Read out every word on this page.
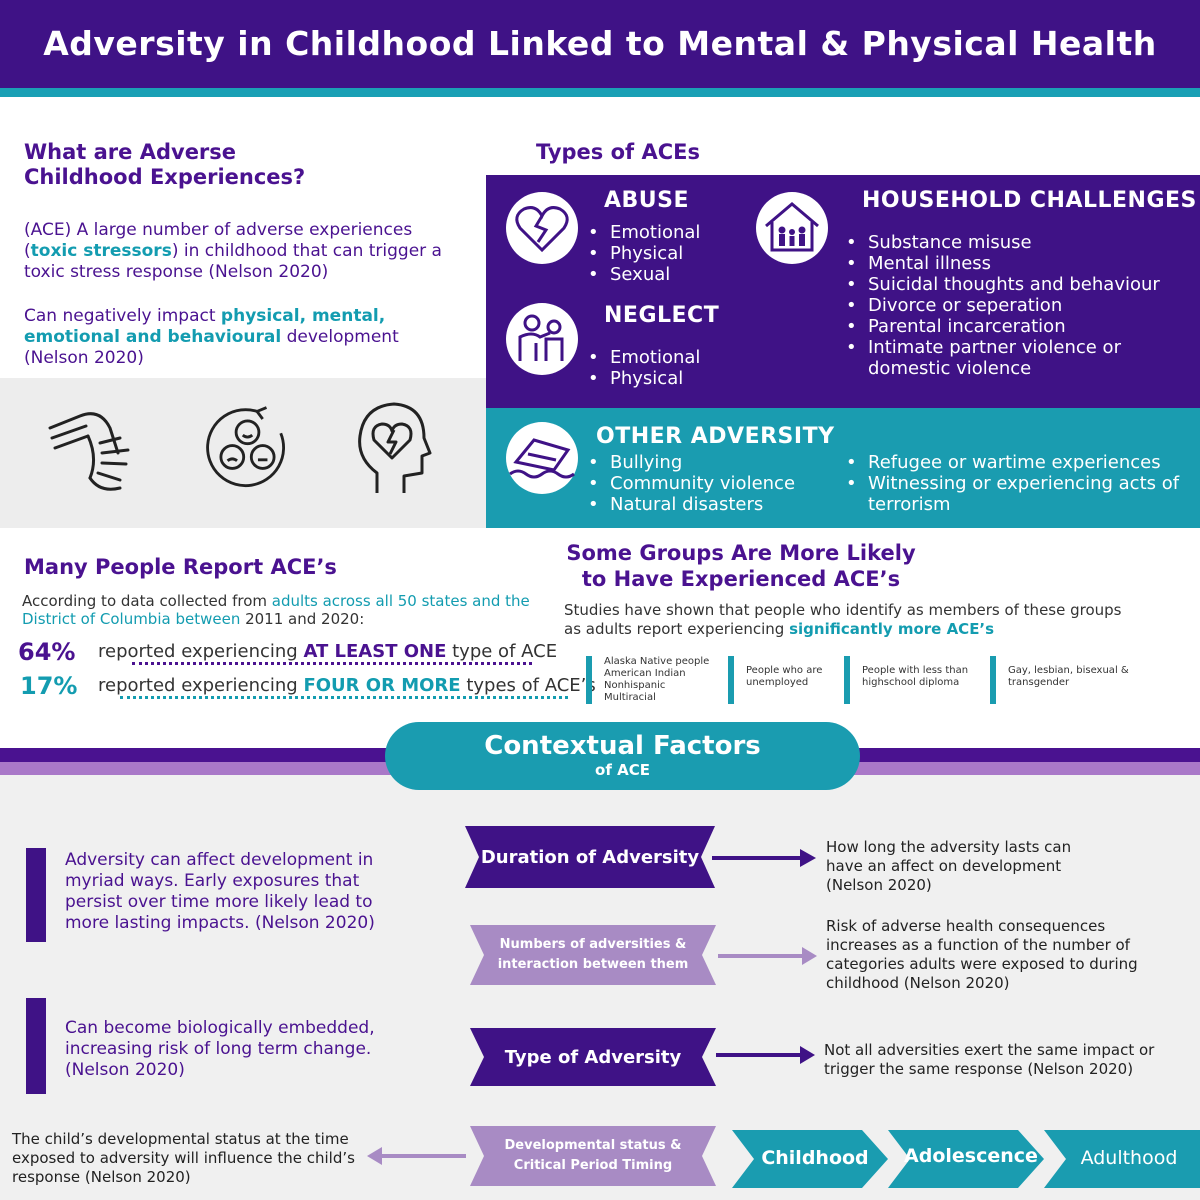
Adversity in Childhood Linked to Mental & Physical Health
What are Adverse
Childhood Experiences?
(ACE) A large number of adverse experiences (toxic stressors) in childhood that can trigger a toxic stress response (Nelson 2020)
Can negatively impact physical, mental, emotional and behavioural development (Nelson 2020)
Types of ACEs
ABUSE
• Emotional
• Physical
• Sexual
NEGLECT
• Emotional
• Physical
HOUSEHOLD CHALLENGES
• Substance misuse
• Mental illness
• Suicidal thoughts and behaviour
• Divorce or seperation
• Parental incarceration
• Intimate partner violence or domestic violence
OTHER ADVERSITY
• Bullying
• Community violence
• Natural disasters
• Refugee or wartime experiences
• Witnessing or experiencing acts of terrorism
Many People Report ACE’s
According to data collected from adults across all 50 states and the District of Columbia between 2011 and 2020:
64% reported experiencing AT LEAST ONE type of ACE
17% reported experiencing FOUR OR MORE types of ACE’s
Some Groups Are More Likely
to Have Experienced ACE’s
Studies have shown that people who identify as members of these groups as adults report experiencing significantly more ACE’s
Alaska Native people
American Indian
Nonhispanic
Multiracial
People who are unemployed
People with less than highschool diploma
Gay, lesbian, bisexual & transgender
Contextual Factors
of ACE
Adversity can affect development in myriad ways. Early exposures that persist over time more likely lead to more lasting impacts. (Nelson 2020)
Can become biologically embedded, increasing risk of long term change. (Nelson 2020)
The child’s developmental status at the time exposed to adversity will influence the child’s response (Nelson 2020)
Duration of Adversity
Numbers of adversities & interaction between them
Type of Adversity
Developmental status & Critical Period Timing
How long the adversity lasts can have an affect on development (Nelson 2020)
Risk of adverse health consequences increases as a function of the number of categories adults were exposed to during childhood (Nelson 2020)
Not all adversities exert the same impact or trigger the same response (Nelson 2020)
Childhood	Adolescence	Adulthood
